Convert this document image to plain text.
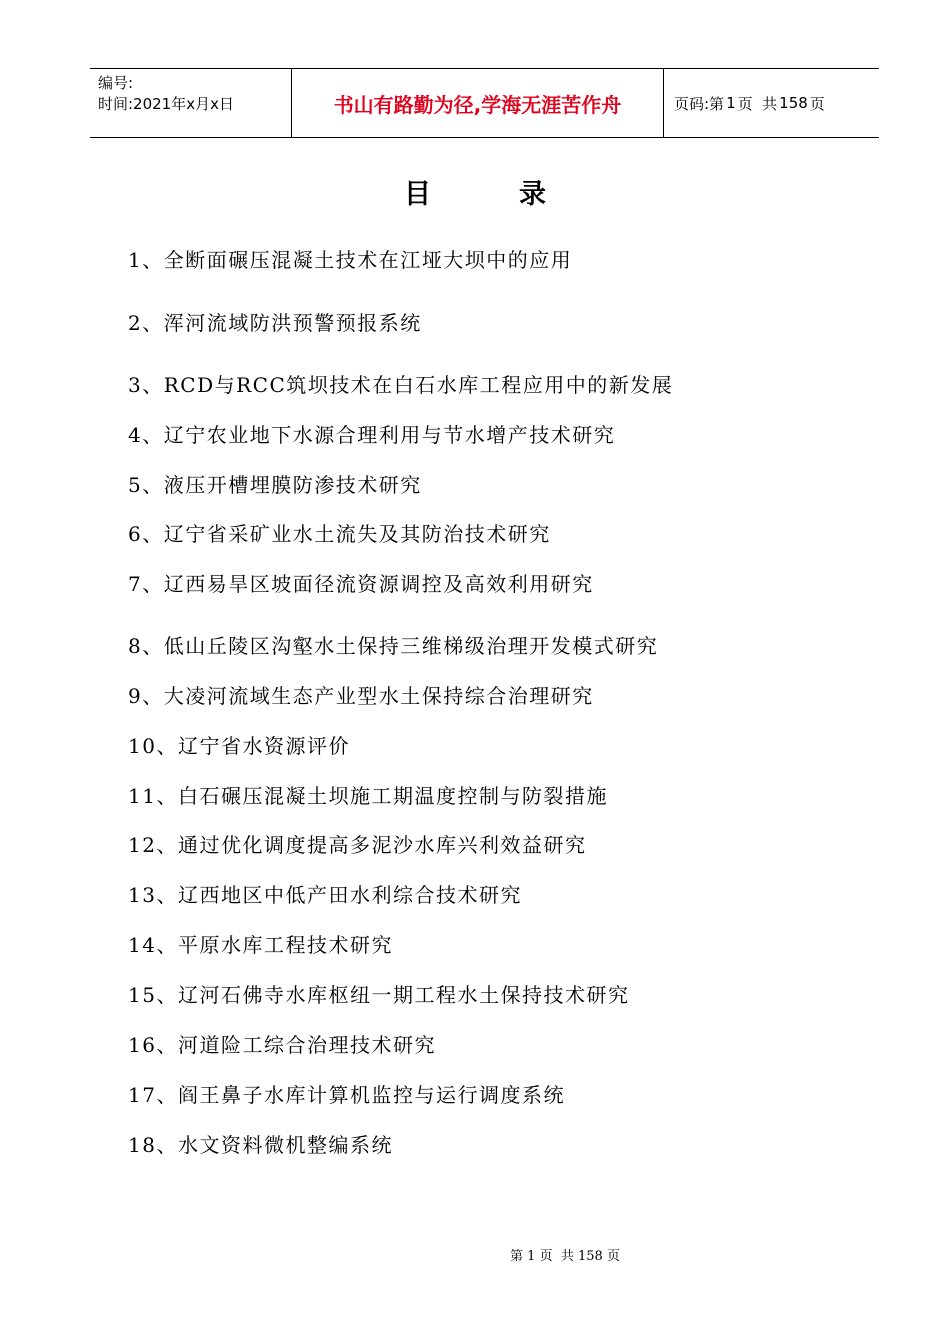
编号:
时间:2021年x月x日	书山有路勤为径,学海无涯苦作舟	页码:第 1 页  共 158 页
目录
1、全断面碾压混凝土技术在江垭大坝中的应用
2、浑河流域防洪预警预报系统
3、RCD与RCC筑坝技术在白石水库工程应用中的新发展
4、辽宁农业地下水源合理利用与节水增产技术研究
5、液压开槽埋膜防渗技术研究
6、辽宁省采矿业水土流失及其防治技术研究
7、辽西易旱区坡面径流资源调控及高效利用研究
8、低山丘陵区沟壑水土保持三维梯级治理开发模式研究
9、大凌河流域生态产业型水土保持综合治理研究
10、辽宁省水资源评价
11、白石碾压混凝土坝施工期温度控制与防裂措施
12、通过优化调度提高多泥沙水库兴利效益研究
13、辽西地区中低产田水利综合技术研究
14、平原水库工程技术研究
15、辽河石佛寺水库枢纽一期工程水土保持技术研究
16、河道险工综合治理技术研究
17、阎王鼻子水库计算机监控与运行调度系统
18、水文资料微机整编系统
第 1 页  共 158 页
